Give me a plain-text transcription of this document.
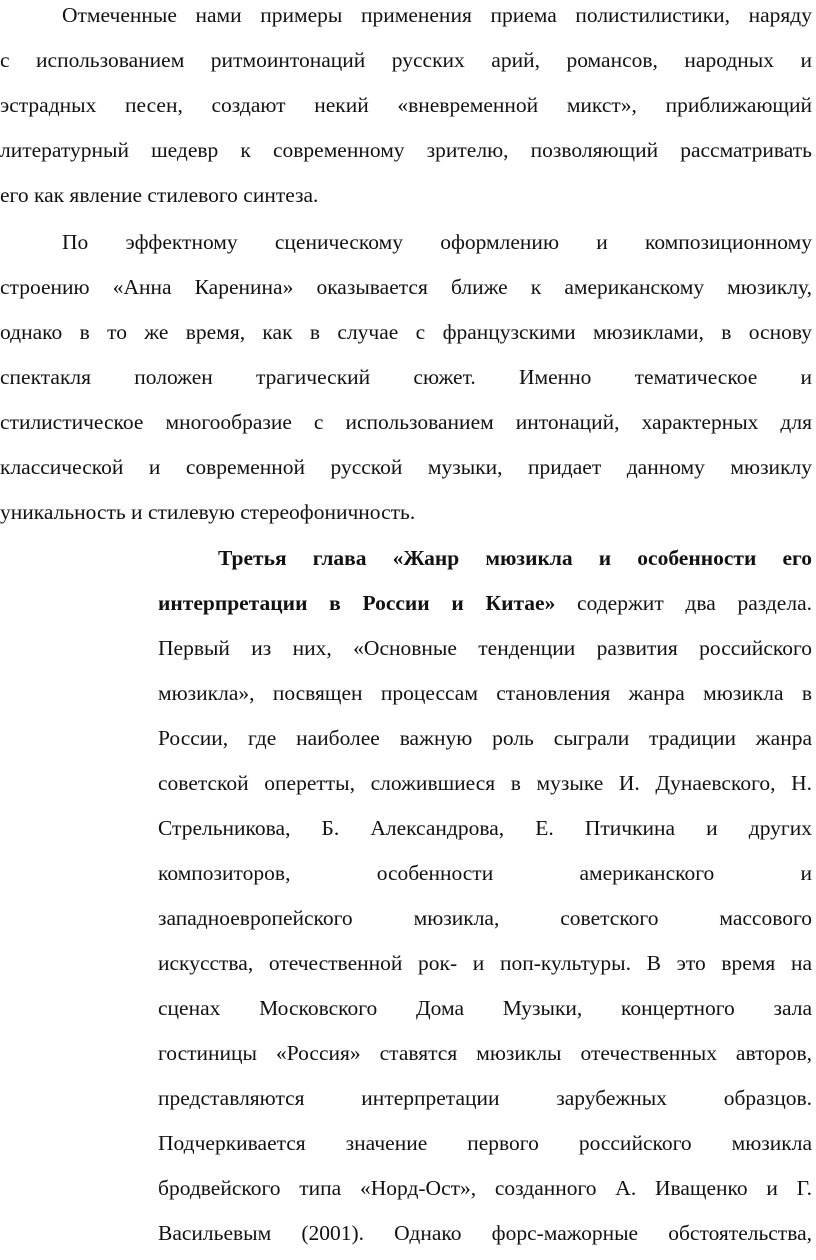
Отмеченные нами примеры применения приема полистилистики, наряду
с использованием ритмоинтонаций русских арий, романсов, народных и
эстрадных песен, создают некий «вневременной микст», приближающий
литературный шедевр к современному зрителю, позволяющий рассматривать
его как явление стилевого синтеза.
По эффектному сценическому оформлению и композиционному
строению «Анна Каренина» оказывается ближе к американскому мюзиклу,
однако в то же время, как в случае с французскими мюзиклами, в основу
спектакля положен трагический сюжет. Именно тематическое и
стилистическое многообразие с использованием интонаций, характерных для
классической и современной русской музыки, придает данному мюзиклу
уникальность и стилевую стереофоничность.
Третья глава «Жанр мюзикла и особенности его
интерпретации в России и Китае» содержит два раздела.
Первый из них, «Основные тенденции развития российского
мюзикла», посвящен процессам становления жанра мюзикла в
России, где наиболее важную роль сыграли традиции жанра
советской оперетты, сложившиеся в музыке И. Дунаевского, Н.
Стрельникова, Б. Александрова, Е. Птичкина и других
композиторов, особенности американского и
западноевропейского мюзикла, советского массового
искусства, отечественной рок- и поп-культуры. В это время на
сценах Московского Дома Музыки, концертного зала
гостиницы «Россия» ставятся мюзиклы отечественных авторов,
представляются интерпретации зарубежных образцов.
Подчеркивается значение первого российского мюзикла
бродвейского типа «Норд-Ост», созданного А. Иващенко и Г.
Васильевым (2001). Однако форс-мажорные обстоятельства,
